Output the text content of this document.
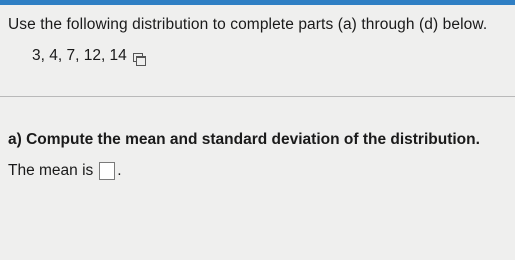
Use the following distribution to complete parts (a) through (d) below.
3, 4, 7, 12, 14
a) Compute the mean and standard deviation of the distribution.
The mean is .
